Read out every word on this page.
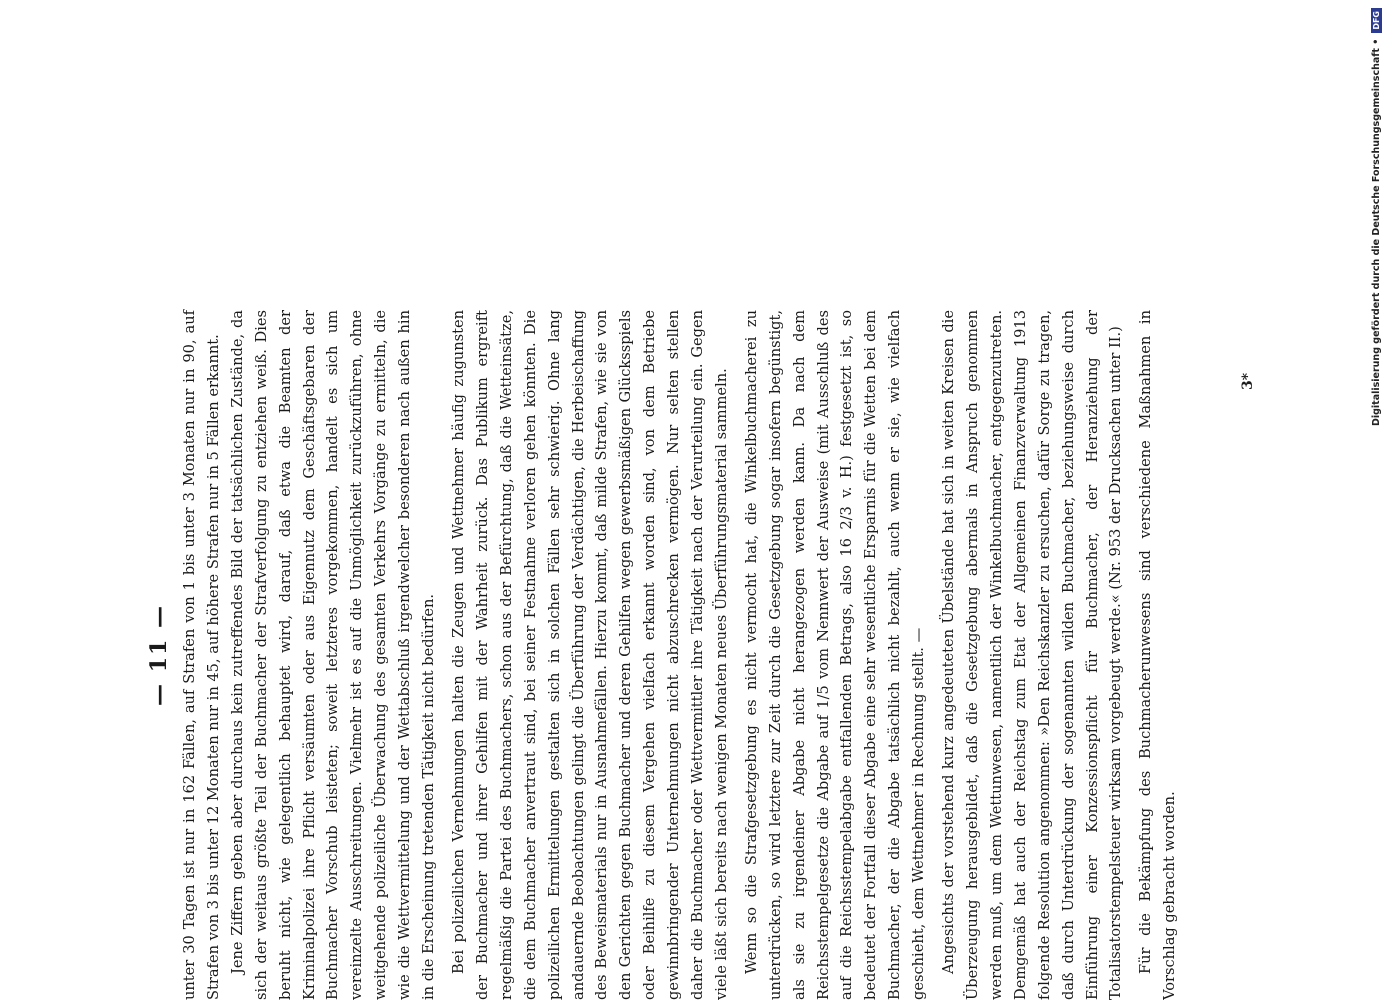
— 11 — unter 30 Tagen ist nur in 162 Fällen, auf Strafen von 1 bis unter 3 Monaten nur in 90, auf Strafen von 3 bis unter 12 Monaten nur in 45, auf höhere Strafen nur in 5 Fällen erkannt. Jene Ziffern geben aber durchaus kein zutreffendes Bild der tatsächlichen Zustände, da sich der weitaus größte Teil der Buchmacher der Strafverfolgung zu entziehen weiß. Dies beruht nicht, wie gelegentlich behauptet wird, darauf, daß etwa die Beamten der Kriminalpolizei ihre Pflicht versäumten oder aus Eigennutz dem Geschäftsgebaren der Buchmacher Vorschub leisteten; soweit letzteres vorgekommen, handelt es sich um vereinzelte Ausschreitungen. Vielmehr ist es auf die Unmöglichkeit zurückzuführen, ohne weitgehende polizeiliche Überwachung des gesamten Verkehrs Vorgänge zu ermitteln, die wie die Wettvermittelung und der Wettabschluß irgendwelcher besonderen nach außen hin in die Erscheinung tretenden Tätigkeit nicht bedürfen. Bei polizeilichen Vernehmungen halten die Zeugen und Wettnehmer häufig zugunsten der Buchmacher und ihrer Gehilfen mit der Wahrheit zurück. Das Publikum ergreift regelmäßig die Partei des Buchmachers, schon aus der Befürchtung, daß die Wetteinsätze, die dem Buchmacher anvertraut sind, bei seiner Festnahme verloren gehen könnten. Die polizeilichen Ermittelungen gestalten sich in solchen Fällen sehr schwierig. Ohne lang andauernde Beobachtungen gelingt die Überführung der Verdächtigen, die Herbeischaffung des Beweismaterials nur in Ausnahmefällen. Hierzu kommt, daß milde Strafen, wie sie von den Gerichten gegen Buchmacher und deren Gehilfen wegen gewerbsmäßigen Glücksspiels oder Beihilfe zu diesem Vergehen vielfach erkannt worden sind, von dem Betriebe gewinnbringender Unternehmungen nicht abzuschrecken vermögen. Nur selten stellen daher die Buchmacher oder Wettvermittler ihre Tätigkeit nach der Verurteilung ein. Gegen viele läßt sich bereits nach wenigen Monaten neues Überführungsmaterial sammeln. Wenn so die Strafgesetzgebung es nicht vermocht hat, die Winkelbuchmacherei zu unterdrücken, so wird letztere zur Zeit durch die Gesetzgebung sogar insofern begünstigt, als sie zu irgendeiner Abgabe nicht herangezogen werden kann. Da nach dem Reichsstempelgesetze die Abgabe auf 1/5 vom Nennwert der Ausweise (mit Ausschluß des auf die Reichsstempelabgabe entfallenden Betrags, also 16 2/3 v. H.) festgesetzt ist, so bedeutet der Fortfall dieser Abgabe eine sehr wesentliche Ersparnis für die Wetten bei dem Buchmacher, der die Abgabe tatsächlich nicht bezahlt, auch wenn er sie, wie vielfach geschieht, dem Wettnehmer in Rechnung stellt. — Angesichts der vorstehend kurz angedeuteten Übelstände hat sich in weiten Kreisen die Überzeugung herausgebildet, daß die Gesetzgebung abermals in Anspruch genommen werden muß, um dem Wettunwesen, namentlich der Winkelbuchmacher, entgegenzutreten. Demgemäß hat auch der Reichstag zum Etat der Allgemeinen Finanzverwaltung 1913 folgende Resolution angenommen: »Den Reichskanzler zu ersuchen, dafür Sorge zu tragen, daß durch Unterdrückung der sogenannten wilden Buchmacher, beziehungsweise durch Einführung einer Konzessionspflicht für Buchmacher, der Heranziehung der Totalisatorstempelsteuer wirksam vorgebeugt werde.« (Nr. 953 der Drucksachen unter II.) Für die Bekämpfung des Buchmacherunwesens sind verschiedene Maßnahmen in Vorschlag gebracht worden.

3*	Digitalisierung gefördert durch die Deutsche Forschungsgemeinschaft •
DFG
